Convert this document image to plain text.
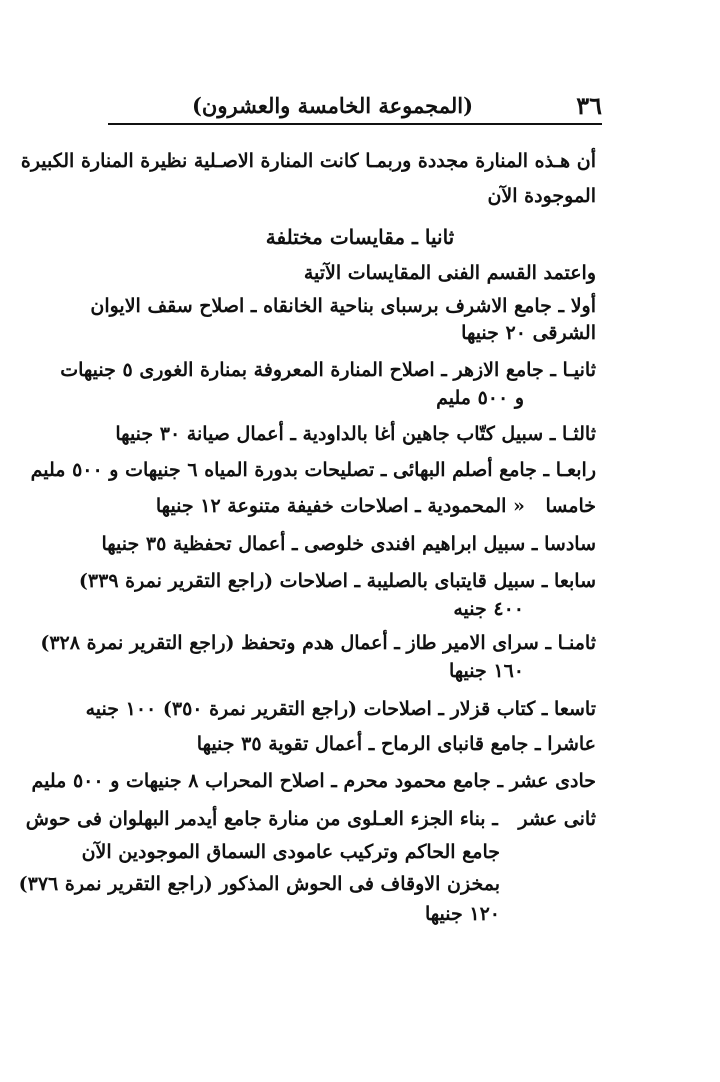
٣٦
(المجموعة الخامسة والعشرون)
أن هـذه المنارة مجددة وربمـا كانت المنارة الاصـلية نظيرة المنارة الكبيرة
الموجودة الآن
ثانيا ـ مقايسات مختلفة
واعتمد القسم الفنى المقايسات الآتية
أولا ـ جامع الاشرف برسباى بناحية الخانقاه ـ اصلاح سقف الايوان
الشرقى ٢٠ جنيها
ثانيـا ـ جامع الازهر ـ اصلاح المنارة المعروفة بمنارة الغورى ٥ جنيهات
و ٥٠٠ مليم
ثالثـا ـ سبيل كتّاب جاهين أغا بالداودية ـ أعمال صيانة ٣٠ جنيها
رابعـا ـ جامع أصلم البهائى ـ تصليحات بدورة المياه ٦ جنيهات و ٥٠٠ مليم
خامسا « المحمودية ـ اصلاحات خفيفة متنوعة ١٢ جنيها
سادسا ـ سبيل ابراهيم افندى خلوصى ـ أعمال تحفظية ٣٥ جنيها
سابعا ـ سبيل قايتباى بالصليبة ـ اصلاحات (راجع التقرير نمرة ٣٣٩)
٤٠٠ جنيه
ثامنـا ـ سراى الامير طاز ـ أعمال هدم وتحفظ (راجع التقرير نمرة ٣٢٨)
١٦٠ جنيها
تاسعا ـ كتاب قزلار ـ اصلاحات (راجع التقرير نمرة ٣٥٠) ١٠٠ جنيه
عاشرا ـ جامع قانباى الرماح ـ أعمال تقوية ٣٥ جنيها
حادى عشر ـ جامع محمود محرم ـ اصلاح المحراب ٨ جنيهات و ٥٠٠ مليم
ثانى عشر ـ بناء الجزء العـلوى من منارة جامع أيدمر البهلوان فى حوش
جامع الحاكم وتركيب عامودى السماق الموجودين الآن
بمخزن الاوقاف فى الحوش المذكور (راجع التقرير نمرة ٣٧٦)
١٢٠ جنيها
